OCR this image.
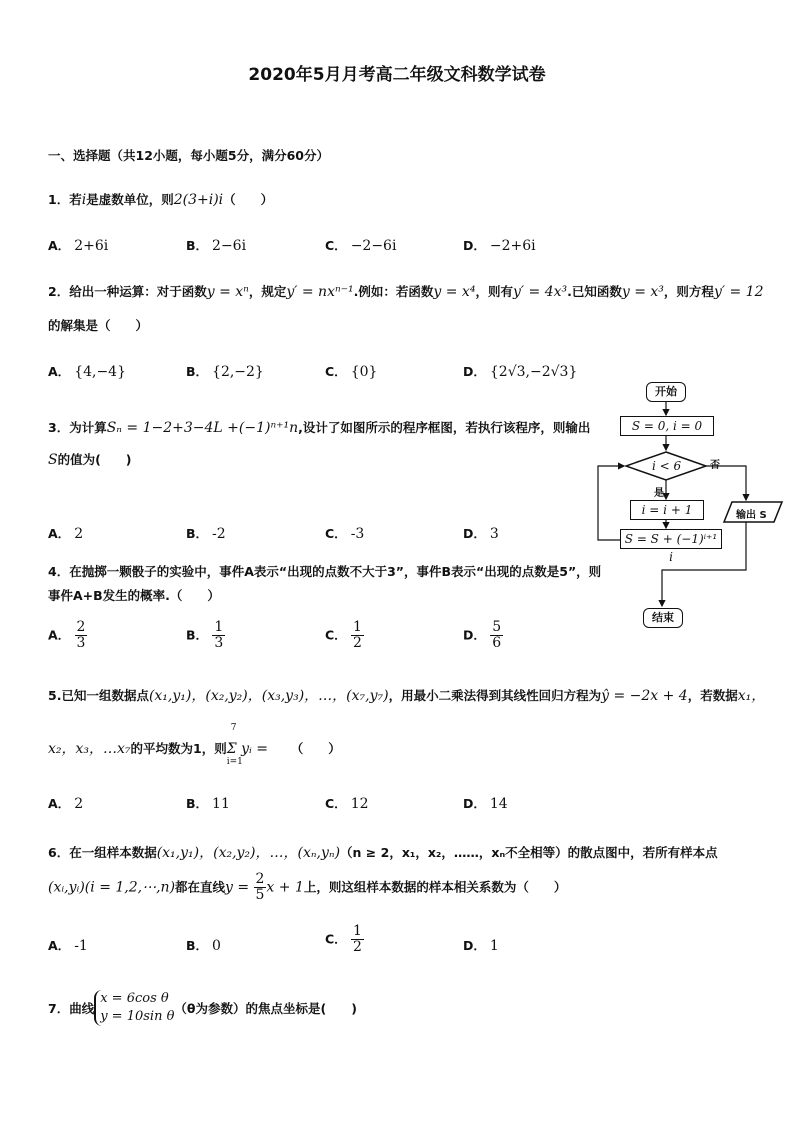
2020年5月月考高二年级文科数学试卷
一、选择题（共12小题，每小题5分，满分60分）
1．若i是虚数单位，则2(3+i)i（　　）
A． 2+6i	B． 2−6i	C． −2−6i	D． −2+6i
2．给出一种运算：对于函数y = xⁿ，规定y′ = nxⁿ⁻¹.例如：若函数y = x⁴，则有y′ = 4x³.已知函数y = x³，则方程y′ = 12
的解集是（　　）
A． {4,−4}	B． {2,−2}	C． {0}	D． {2√3,−2√3}
3．为计算Sₙ = 1−2+3−4L +(−1)ⁿ⁺¹n,设计了如图所示的程序框图，若执行该程序，则输出
S的值为(　　)
A． 2	B． -2	C． -3	D． 3
开始
S = 0, i = 0
i < 6	否
是
i = i + 1
S = S + (−1)ⁱ⁺¹ i
输出 S
结束
4．在抛掷一颗骰子的实验中，事件A表示“出现的点数不大于3”，事件B表示“出现的点数是5”，则
事件A+B发生的概率.（　　）
A． $\frac{2}{3}$	B． $\frac{1}{3}$	C． $\frac{1}{2}$	D． $\frac{5}{6}$
5.已知一组数据点(x₁,y₁)，(x₂,y₂)，(x₃,y₃)，…，(x₇,y₇)，用最小二乘法得到其线性回归方程为ŷ = −2x + 4，若数据x₁，
x₂，x₃，…x₇的平均数为1，则
7
Σ yᵢ =
i=1
（　　）
A． 2	B． 11	C． 12	D． 14
6．在一组样本数据(x₁,y₁)，(x₂,y₂)，…，(xₙ,yₙ)（n ≥ 2，x₁，x₂，……，xₙ不全相等）的散点图中，若所有样本点
(xᵢ,yᵢ)(i = 1,2,⋯,n)都在直线$y = \frac{2}{5}$ x + 1上，则这组样本数据的样本相关系数为（　　）
A． -1	B． 0	C． $\frac{1}{2}$	D． 1
7．曲线
x = 6cos θ
y = 10sin θ
（θ为参数）的焦点坐标是(　　)
